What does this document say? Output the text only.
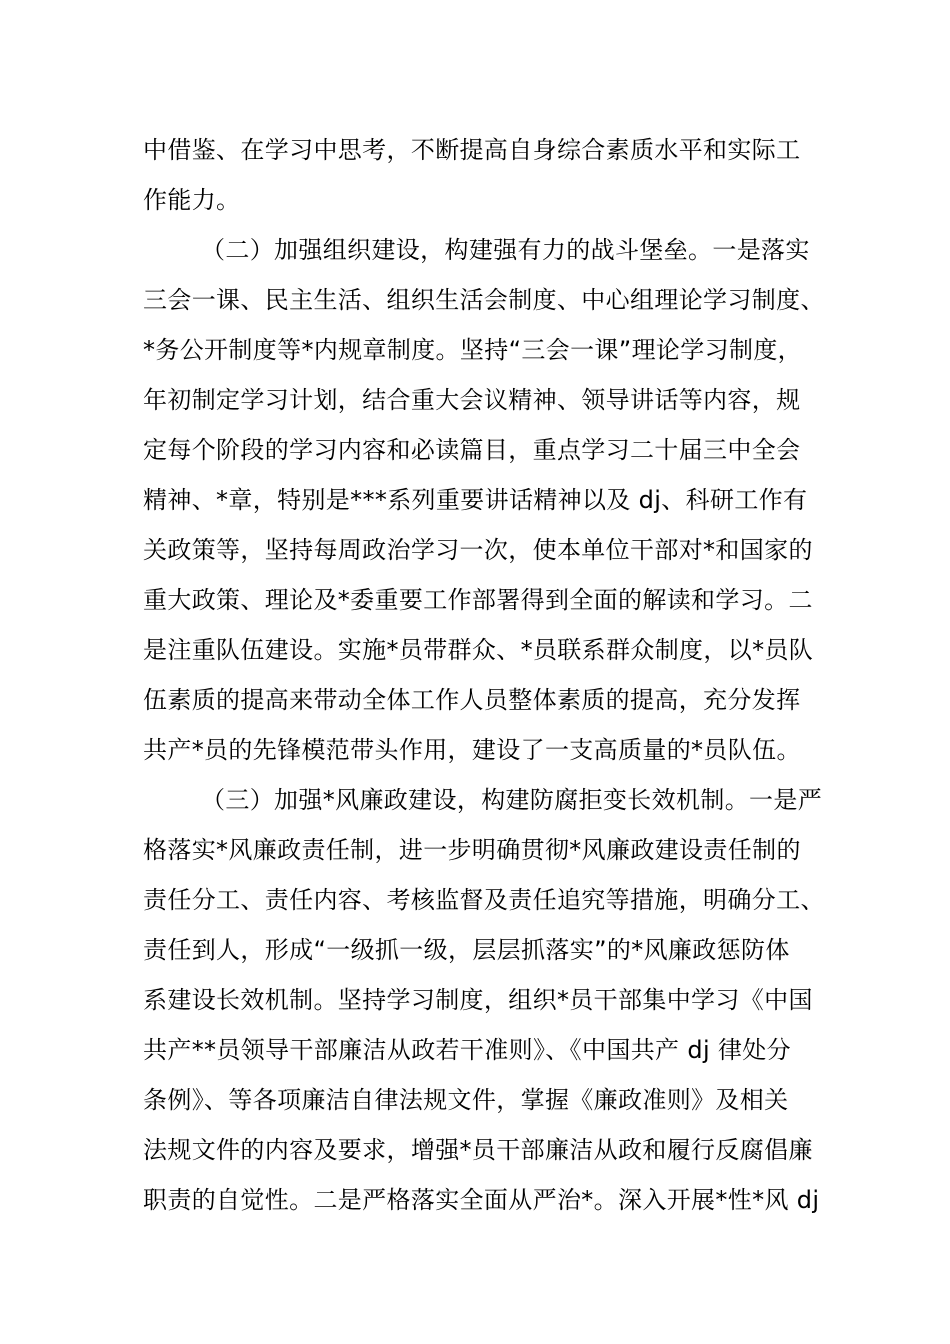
中借鉴、在学习中思考，不断提高自身综合素质水平和实际工
作能力。
（二）加强组织建设，构建强有力的战斗堡垒。一是落实
三会一课、民主生活、组织生活会制度、中心组理论学习制度、
*务公开制度等*内规章制度。坚持“三会一课”理论学习制度，
年初制定学习计划，结合重大会议精神、领导讲话等内容，规
定每个阶段的学习内容和必读篇目，重点学习二十届三中全会
精神、*章，特别是***系列重要讲话精神以及 dj、科研工作有
关政策等，坚持每周政治学习一次，使本单位干部对*和国家的
重大政策、理论及*委重要工作部署得到全面的解读和学习。二
是注重队伍建设。实施*员带群众、*员联系群众制度，以*员队
伍素质的提高来带动全体工作人员整体素质的提高，充分发挥
共产*员的先锋模范带头作用，建设了一支高质量的*员队伍。
（三）加强*风廉政建设，构建防腐拒变长效机制。一是严
格落实*风廉政责任制，进一步明确贯彻*风廉政建设责任制的
责任分工、责任内容、考核监督及责任追究等措施，明确分工、
责任到人，形成“一级抓一级，层层抓落实”的*风廉政惩防体
系建设长效机制。坚持学习制度，组织*员干部集中学习《中国
共产**员领导干部廉洁从政若干准则》、《中国共产 dj 律处分
条例》、等各项廉洁自律法规文件，掌握《廉政准则》及相关
法规文件的内容及要求，增强*员干部廉洁从政和履行反腐倡廉
职责的自觉性。二是严格落实全面从严治*。深入开展*性*风 dj
